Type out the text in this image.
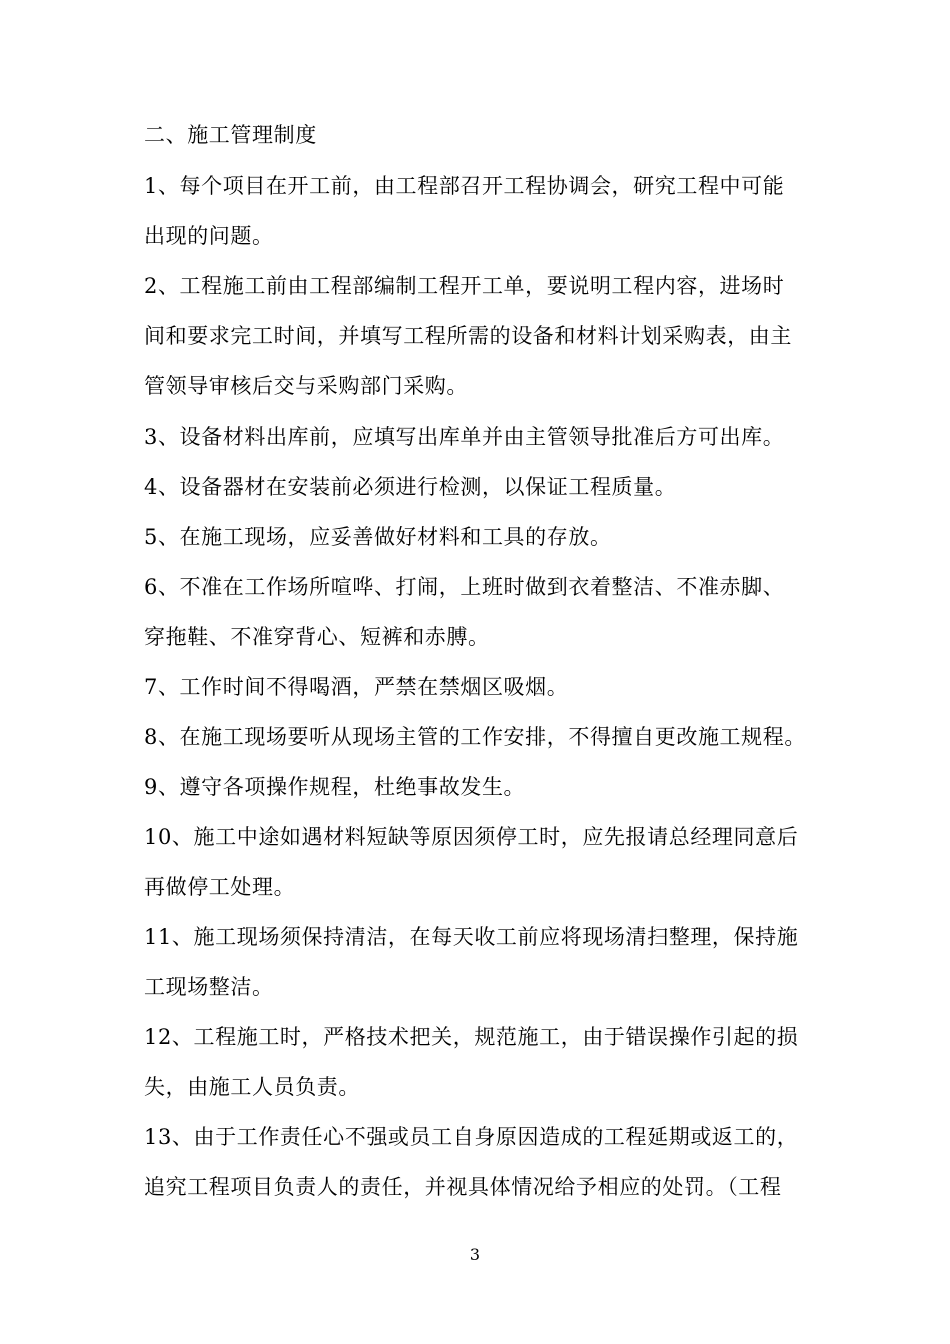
二、施工管理制度
1、每个项目在开工前，由工程部召开工程协调会，研究工程中可能
出现的问题。
2、工程施工前由工程部编制工程开工单，要说明工程内容，进场时
间和要求完工时间，并填写工程所需的设备和材料计划采购表，由主
管领导审核后交与采购部门采购。
3、设备材料出库前，应填写出库单并由主管领导批准后方可出库。
4、设备器材在安装前必须进行检测，以保证工程质量。
5、在施工现场，应妥善做好材料和工具的存放。
6、不准在工作场所喧哗、打闹，上班时做到衣着整洁、不准赤脚、
穿拖鞋、不准穿背心、短裤和赤膊。
7、工作时间不得喝酒，严禁在禁烟区吸烟。
8、在施工现场要听从现场主管的工作安排，不得擅自更改施工规程。
9、遵守各项操作规程，杜绝事故发生。
10、施工中途如遇材料短缺等原因须停工时，应先报请总经理同意后
再做停工处理。
11、施工现场须保持清洁，在每天收工前应将现场清扫整理，保持施
工现场整洁。
12、工程施工时，严格技术把关，规范施工，由于错误操作引起的损
失，由施工人员负责。
13、由于工作责任心不强或员工自身原因造成的工程延期或返工的，
追究工程项目负责人的责任，并视具体情况给予相应的处罚。（工程
3
